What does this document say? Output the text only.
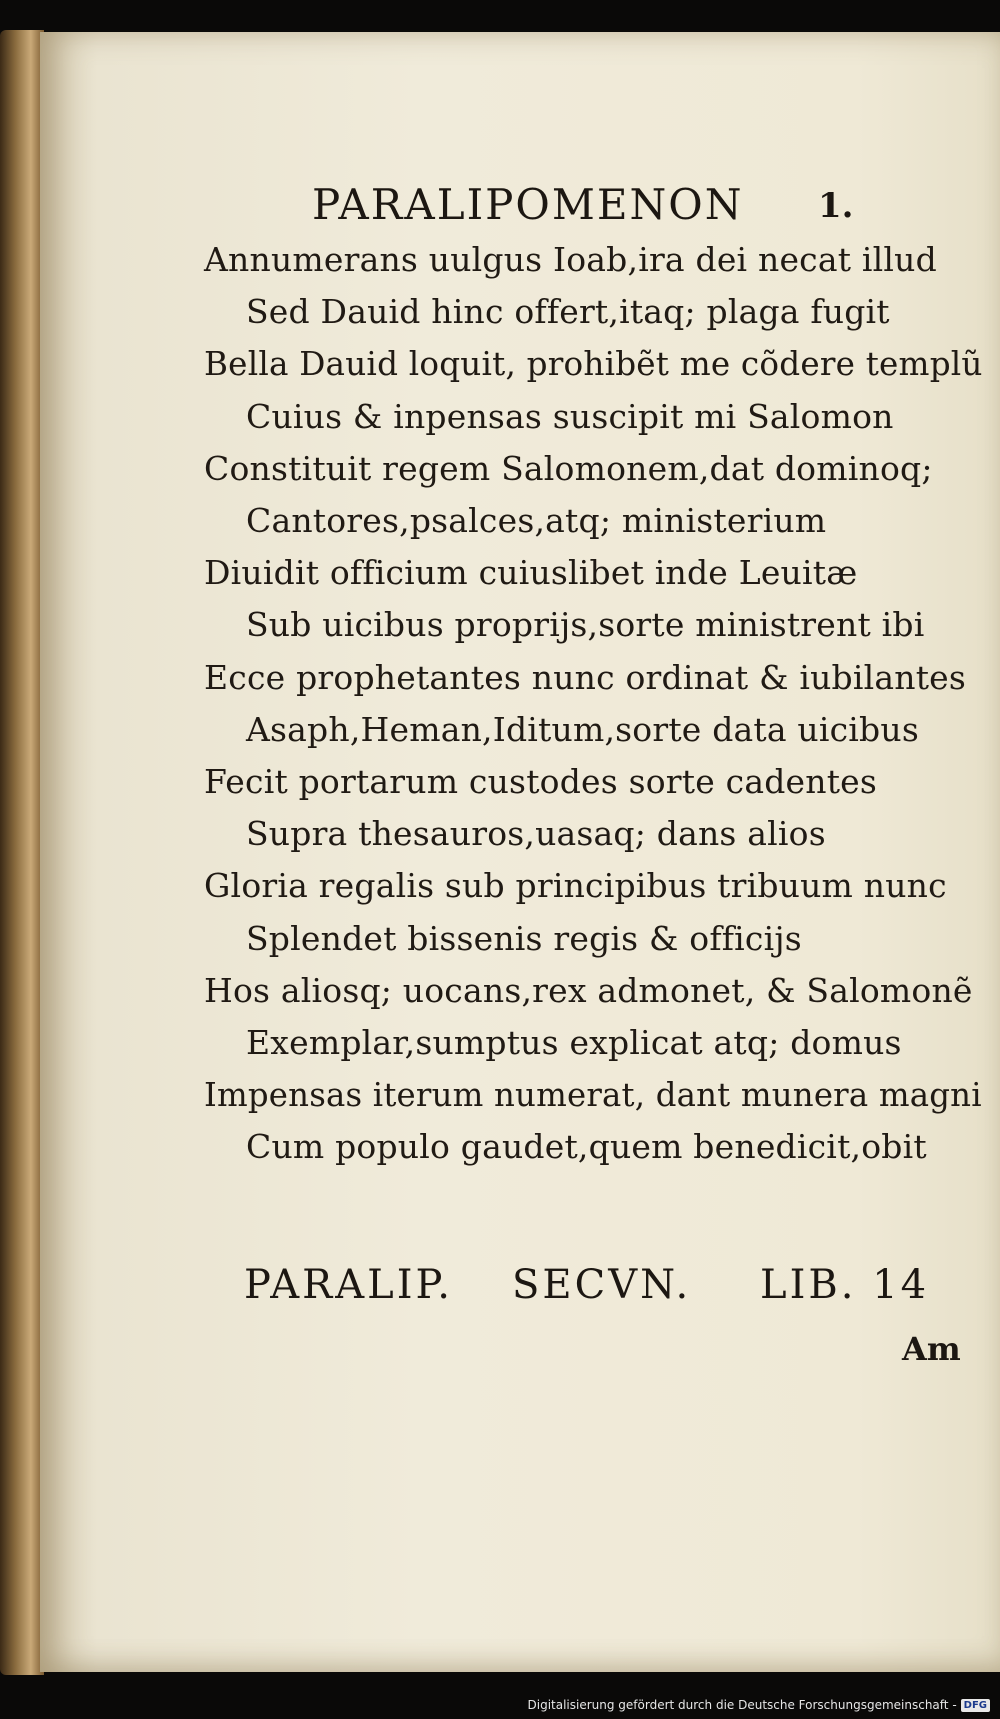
PARALIPOMENON 1.
Annumerans uulgus Ioab,ira dei necat illud
Sed Dauid hinc offert,itaq; plaga fugit
Bella Dauid loquit, prohibẽt me cõdere templũ
Cuius & inpensas suscipit mi Salomon
Constituit regem Salomonem,dat dominoq;
Cantores,psalces,atq; ministerium
Diuidit officium cuiuslibet inde Leuitæ
Sub uicibus proprijs,sorte ministrent ibi
Ecce prophetantes nunc ordinat & iubilantes
Asaph,Heman,Iditum,sorte data uicibus
Fecit portarum custodes sorte cadentes
Supra thesauros,uasaq; dans alios
Gloria regalis sub principibus tribuum nunc
Splendet bissenis regis & officijs
Hos aliosq; uocans,rex admonet, & Salomonẽ
Exemplar,sumptus explicat atq; domus
Impensas iterum numerat, dant munera magni
Cum populo gaudet,quem benedicit,obit
PARALIP. SECVN. LIB. 14
Am
Digitalisierung gefördert durch die Deutsche Forschungsgemeinschaft - DFG
